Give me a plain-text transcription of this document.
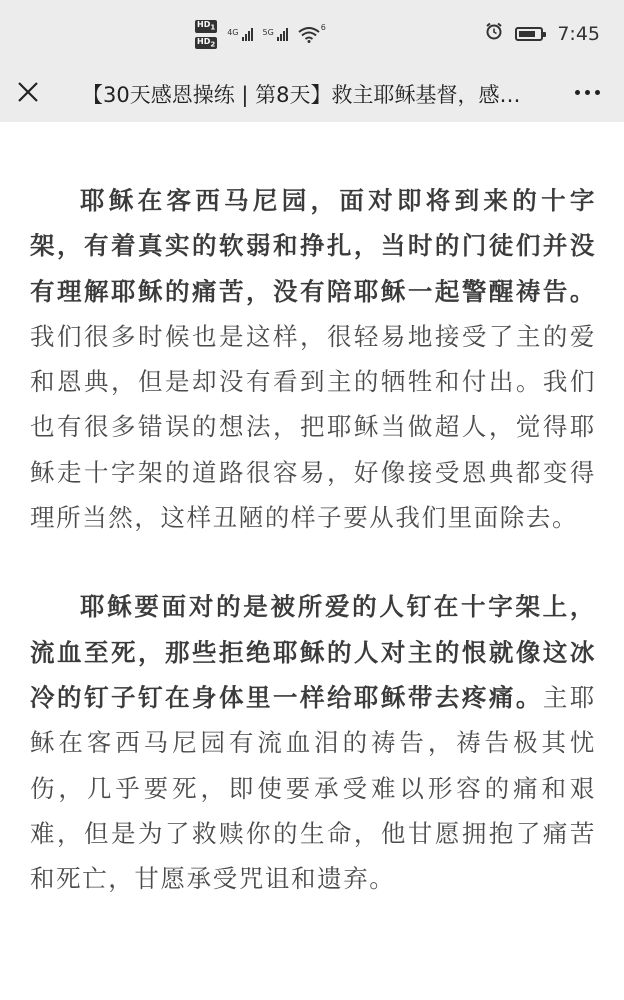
$HD_1$
$HD_2$
4G	5G
6	7:45
【30天感恩操练 | 第8天】救主耶稣基督，感…

耶稣在客西马尼园，面对即将到来的十字架，有着真实的软弱和挣扎，当时的门徒们并没有理解耶稣的痛苦，没有陪耶稣一起警醒祷告。我们很多时候也是这样，很轻易地接受了主的爱和恩典，但是却没有看到主的牺牲和付出。我们也有很多错误的想法，把耶稣当做超人，觉得耶稣走十字架的道路很容易，好像接受恩典都变得理所当然，这样丑陋的样子要从我们里面除去。

耶稣要面对的是被所爱的人钉在十字架上，流血至死，那些拒绝耶稣的人对主的恨就像这冰冷的钉子钉在身体里一样给耶稣带去疼痛。主耶稣在客西马尼园有流血泪的祷告，祷告极其忧伤，几乎要死，即使要承受难以形容的痛和艰难，但是为了救赎你的生命，他甘愿拥抱了痛苦和死亡，甘愿承受咒诅和遗弃。
